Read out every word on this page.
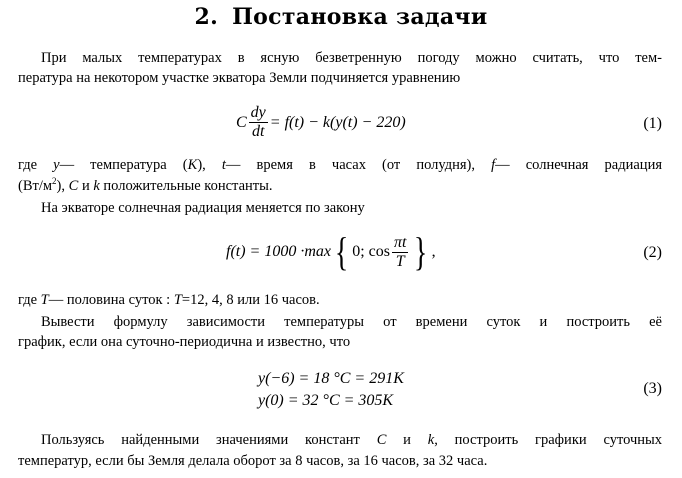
2. Постановка задачи
При малых температурах в ясную безветренную погоду можно считать, что тем-
пература на некотором участке экватора Земли подчиняется уравнению
C $\frac{dy}{dt} = f(t) - k(y(t) - 220)$	(1)
где y— температура (K), t— время в часах (от полудня), f— солнечная радиация
$(Вт/м^2)$, C и k положительные константы.
На экваторе солнечная радиация меняется по закону
f(t) = 1000 · max { 0; $\cos \frac{\pi t}{T}$ } ,	(2)
где T— половина суток : T=12, 4, 8 или 16 часов.
Вывести формулу зависимости температуры от времени суток и построить её
график, если она суточно-периодична и известно, что
y(−6) = 18 °C = 291K
y(0) = 32 °C = 305K
(3)
Пользуясь найденными значениями констант C и k, построить графики суточных
температур, если бы Земля делала оборот за 8 часов, за 16 часов, за 32 часа.
